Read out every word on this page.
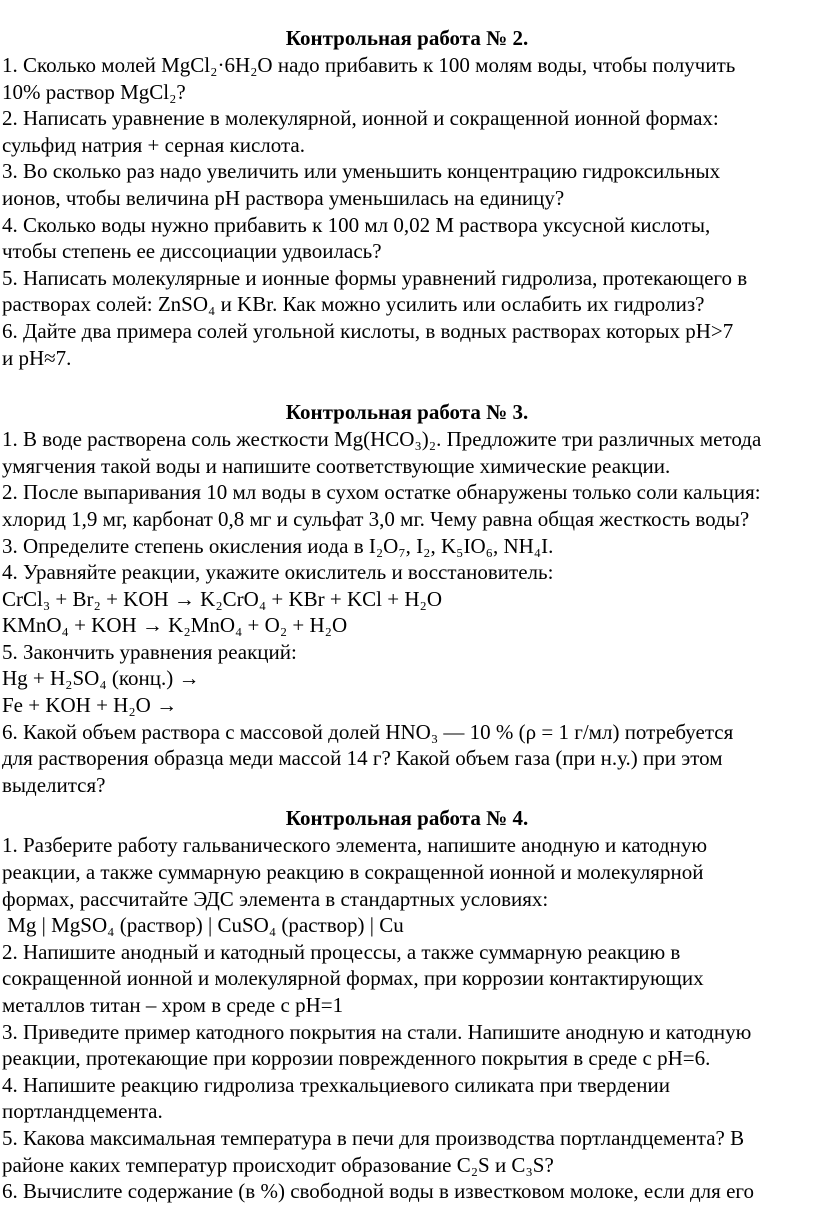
Контрольная работа № 2.

1. Сколько молей MgCl₂·6H₂O надо прибавить к 100 молям воды, чтобы получить

10% раствор MgCl₂?

2. Написать уравнение в молекулярной, ионной и сокращенной ионной формах:

сульфид натрия + серная кислота.

3. Во сколько раз надо увеличить или уменьшить концентрацию гидроксильных

ионов, чтобы величина pH раствора уменьшилась на единицу?

4. Сколько воды нужно прибавить к 100 мл 0,02 М раствора уксусной кислоты,

чтобы степень ее диссоциации удвоилась?

5. Написать молекулярные и ионные формы уравнений гидролиза, протекающего в

растворах солей: ZnSO₄ и KBr. Как можно усилить или ослабить их гидролиз?

6. Дайте два примера солей угольной кислоты, в водных растворах которых pH>7

и pH≈7.

Контрольная работа № 3.

1. В воде растворена соль жесткости Mg(HCO₃)₂. Предложите три различных метода

умягчения такой воды и напишите соответствующие химические реакции.

2. После выпаривания 10 мл воды в сухом остатке обнаружены только соли кальция:

хлорид 1,9 мг, карбонат 0,8 мг и сульфат 3,0 мг. Чему равна общая жесткость воды?

3. Определите степень окисления иода в I₂O₇, I₂, K₅IO₆, NH₄I.

4. Уравняйте реакции, укажите окислитель и восстановитель:

CrCl₃ + Br₂ + KOH → K₂CrO₄ + KBr + KCl + H₂O

KMnO₄ + KOH → K₂MnO₄ + O₂ + H₂O

5. Закончить уравнения реакций:

Hg + H₂SO₄ (конц.) →

Fe + KOH + H₂O →

6. Какой объем раствора с массовой долей HNO₃ — 10 % (ρ = 1 г/мл) потребуется

для растворения образца меди массой 14 г? Какой объем газа (при н.у.) при этом

выделится?

Контрольная работа № 4.

1. Разберите работу гальванического элемента, напишите анодную и катодную

реакции, а также суммарную реакцию в сокращенной ионной и молекулярной

формах, рассчитайте ЭДС элемента в стандартных условиях:

Mg | MgSO₄ (раствор) | CuSO₄ (раствор) | Cu

2. Напишите анодный и катодный процессы, а также суммарную реакцию в

сокращенной ионной и молекулярной формах, при коррозии контактирующих

металлов титан – хром в среде с pH=1

3. Приведите пример катодного покрытия на стали. Напишите анодную и катодную

реакции, протекающие при коррозии поврежденного покрытия в среде с pH=6.

4. Напишите реакцию гидролиза трехкальциевого силиката при твердении

портландцемента.

5. Какова максимальная температура в печи для производства портландцемента? В

районе каких температур происходит образование C₂S и C₃S?

6. Вычислите содержание (в %) свободной воды в известковом молоке, если для его
